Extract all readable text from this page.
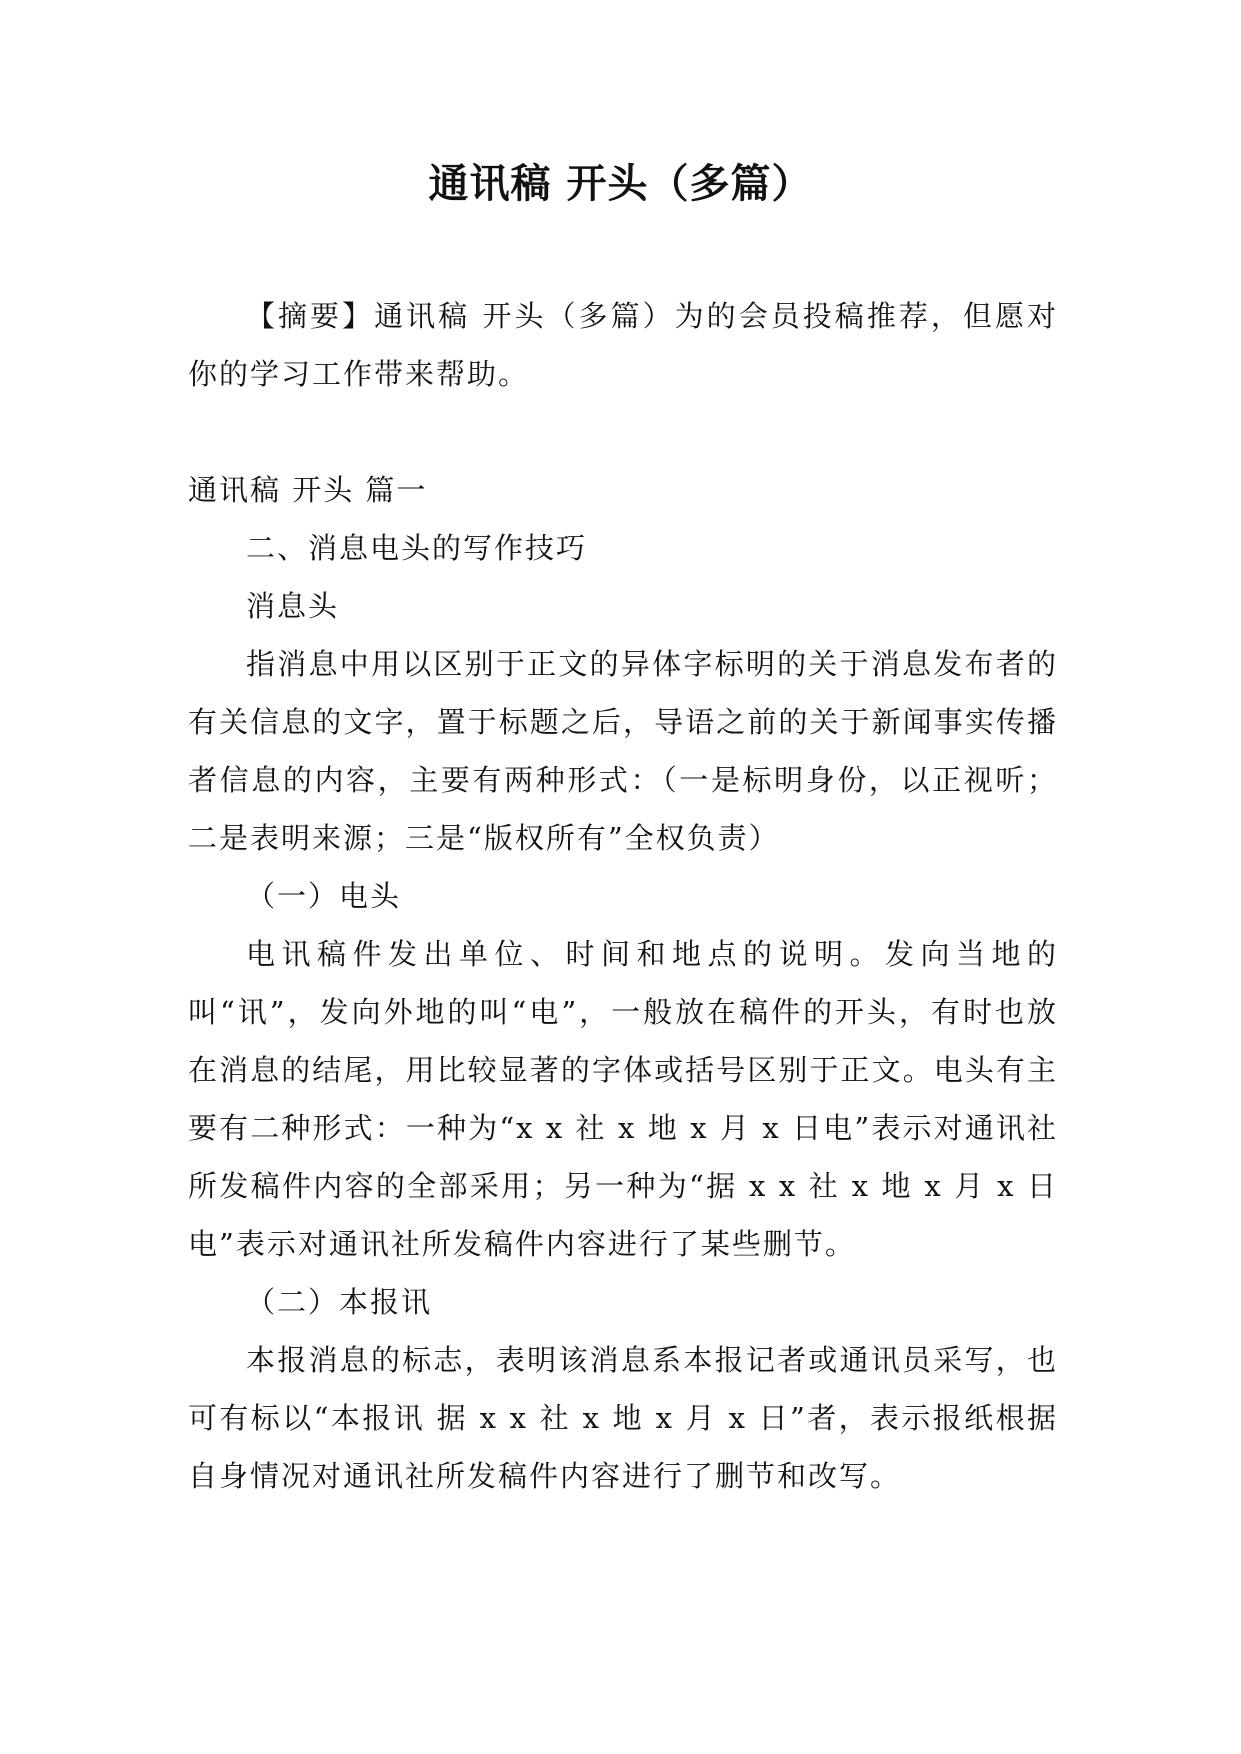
通讯稿 开头（多篇）

【摘要】通讯稿 开头（多篇）为的会员投稿推荐，但愿对你的学习工作带来帮助。

通讯稿 开头 篇一

二、消息电头的写作技巧

消息头

指消息中用以区别于正文的异体字标明的关于消息发布者的有关信息的文字，置于标题之后，导语之前的关于新闻事实传播者信息的内容，主要有两种形式：（一是标明身份，以正视听；二是表明来源；三是“版权所有”全权负责）

（一）电头

电讯稿件发出单位、时间和地点的说明。发向当地的叫“讯”，发向外地的叫“电”，一般放在稿件的开头，有时也放在消息的结尾，用比较显著的字体或括号区别于正文。电头有主要有二种形式：一种为“x x 社 x 地 x 月 x 日电”表示对通讯社所发稿件内容的全部采用；另一种为“据 x x 社 x 地 x 月 x 日电”表示对通讯社所发稿件内容进行了某些删节。

（二）本报讯

本报消息的标志，表明该消息系本报记者或通讯员采写，也可有标以“本报讯 据 x x 社 x 地 x 月 x 日”者，表示报纸根据自身情况对通讯社所发稿件内容进行了删节和改写。
